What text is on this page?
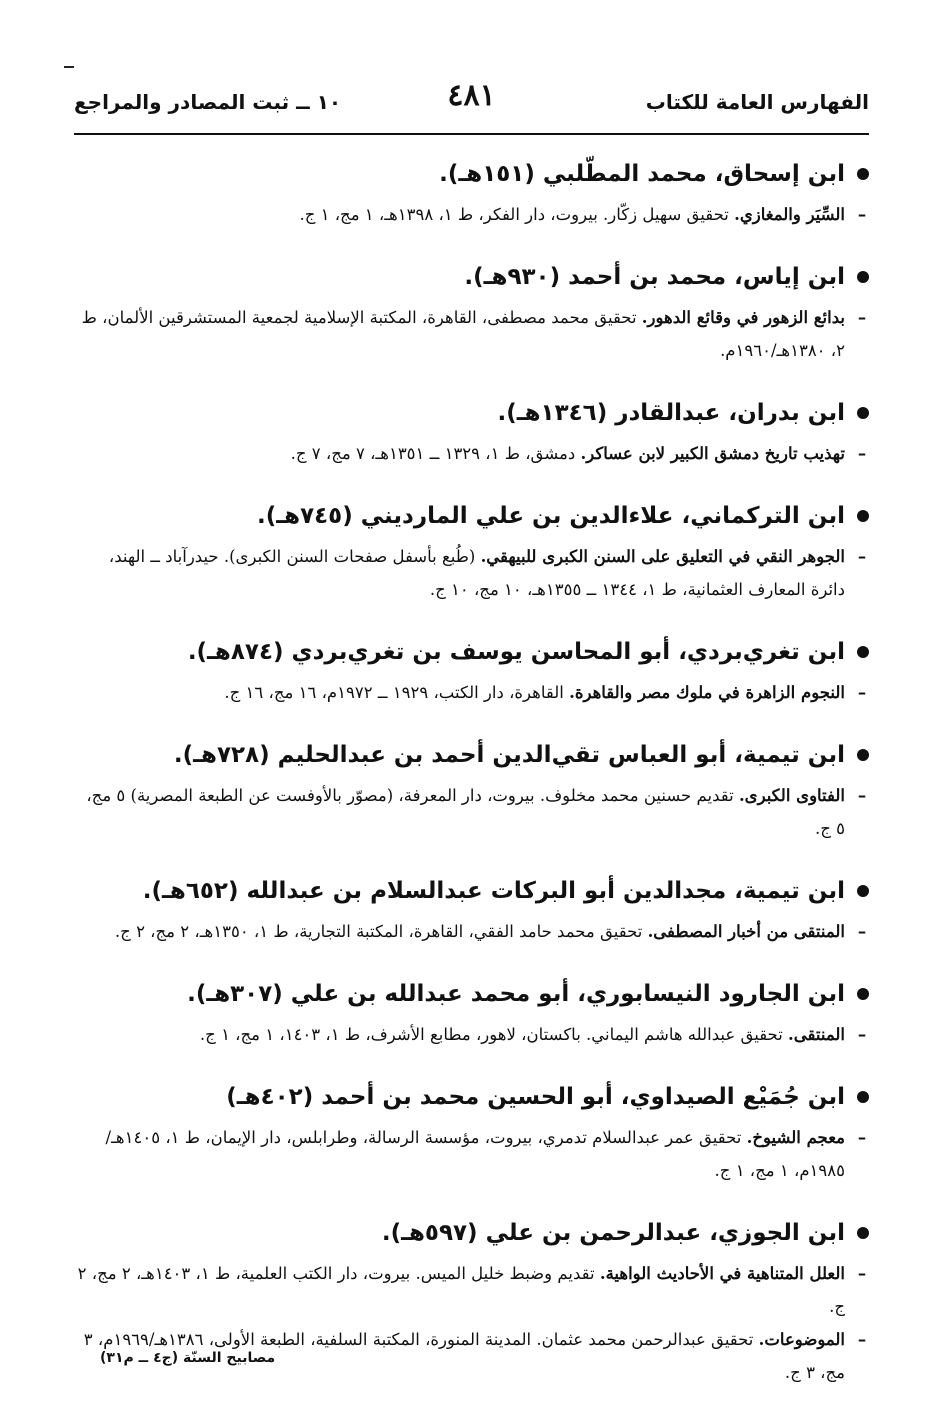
الفهارس العامة للكتاب
٤٨١
١٠ ــ ثبت المصادر والمراجع
ابن إسحاق، محمد المطّلبي (١٥١هـ).
–
السِّيَر والمغازي. تحقيق سهيل زكّار. بيروت، دار الفكر، ط ١، ١٣٩٨هـ، ١ مج، ١ ج.
ابن إياس، محمد بن أحمد (٩٣٠هـ).
–
بدائع الزهور في وقائع الدهور. تحقيق محمد مصطفى، القاهرة، المكتبة الإسلامية لجمعية المستشرقين الألمان، ط ٢، ١٣٨٠هـ/١٩٦٠م.
ابن بدران، عبدالقادر (١٣٤٦هـ).
–
تهذيب تاريخ دمشق الكبير لابن عساكر. دمشق، ط ١، ١٣٢٩ ــ ١٣٥١هـ، ٧ مج، ٧ ج.
ابن التركماني، علاءالدين بن علي المارديني (٧٤٥هـ).
–
الجوهر النقي في التعليق على السنن الكبرى للبيهقي. (طُبع بأسفل صفحات السنن الكبرى). حيدرآباد ــ الهند، دائرة المعارف العثمانية، ط ١، ١٣٤٤ ــ ١٣٥٥هـ، ١٠ مج، ١٠ ج.
ابن تغري‌بردي، أبو المحاسن يوسف بن تغري‌بردي (٨٧٤هـ).
–
النجوم الزاهرة في ملوك مصر والقاهرة. القاهرة، دار الكتب، ١٩٢٩ ــ ١٩٧٢م، ١٦ مج، ١٦ ج.
ابن تيمية، أبو العباس تقي‌الدين أحمد بن عبدالحليم (٧٢٨هـ).
–
الفتاوى الكبرى. تقديم حسنين محمد مخلوف. بيروت، دار المعرفة، (مصوّر بالأوفست عن الطبعة المصرية) ٥ مج، ٥ ج.
ابن تيمية، مجدالدين أبو البركات عبدالسلام بن عبدالله (٦٥٢هـ).
–
المنتقى من أخبار المصطفى. تحقيق محمد حامد الفقي، القاهرة، المكتبة التجارية، ط ١، ١٣٥٠هـ، ٢ مج، ٢ ج.
ابن الجارود النيسابوري، أبو محمد عبدالله بن علي (٣٠٧هـ).
–
المنتقى. تحقيق عبدالله هاشم اليماني. باكستان، لاهور، مطابع الأشرف، ط ١، ١٤٠٣، ١ مج، ١ ج.
ابن جُمَيْع الصيداوي، أبو الحسين محمد بن أحمد (٤٠٢هـ)
–
معجم الشيوخ. تحقيق عمر عبدالسلام تدمري، بيروت، مؤسسة الرسالة، وطرابلس، دار الإيمان، ط ١، ١٤٠٥هـ/١٩٨٥م، ١ مج، ١ ج.
ابن الجوزي، عبدالرحمن بن علي (٥٩٧هـ).
–
العلل المتناهية في الأحاديث الواهية. تقديم وضبط خليل الميس. بيروت، دار الكتب العلمية، ط ١، ١٤٠٣هـ، ٢ مج، ٢ ج.
–
الموضوعات. تحقيق عبدالرحمن محمد عثمان. المدينة المنورة، المكتبة السلفية، الطبعة الأولى، ١٣٨٦هـ/١٩٦٩م، ٣ مج، ٣ ج.
مصابيح السنّة (ج٤ ــ م٣١)
